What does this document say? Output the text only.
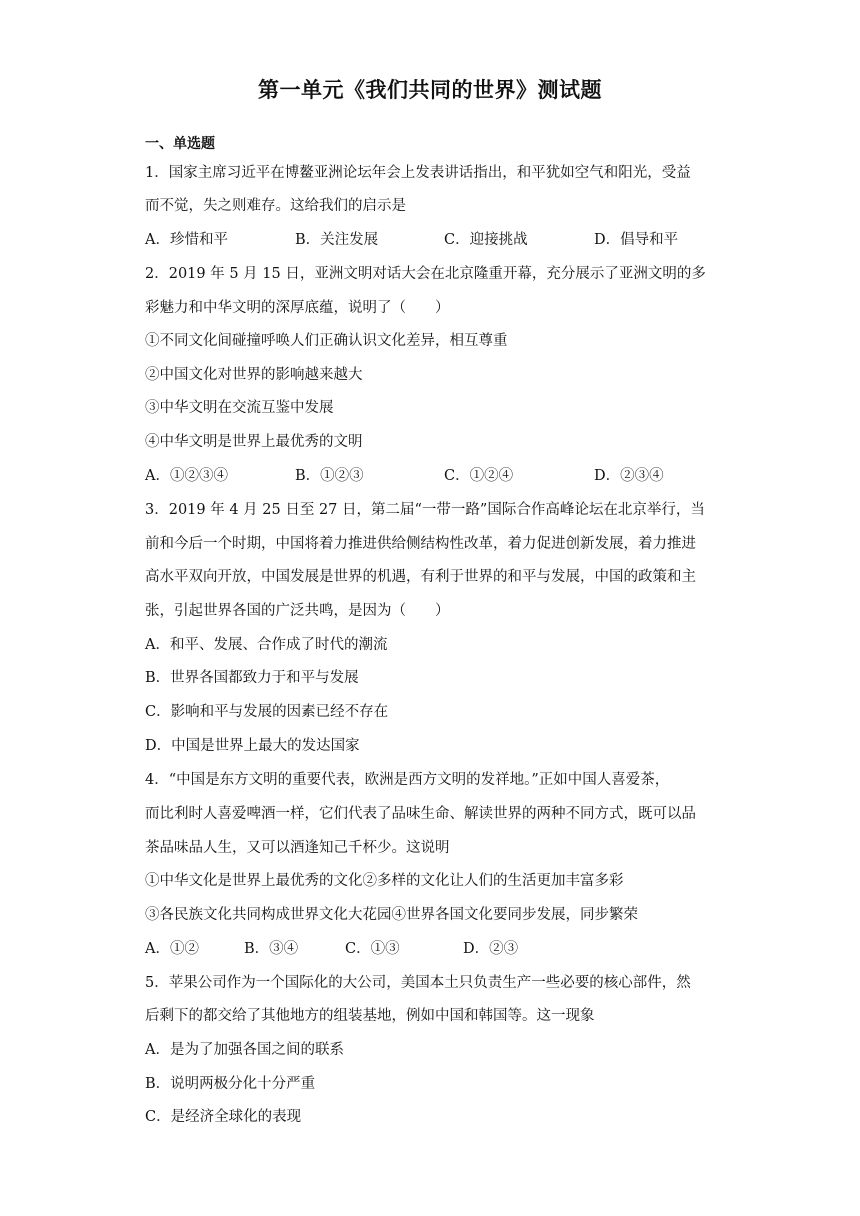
第一单元《我们共同的世界》测试题
一、单选题
1．国家主席习近平在博鳌亚洲论坛年会上发表讲话指出，和平犹如空气和阳光，受益
而不觉，失之则难存。这给我们的启示是
A．珍惜和平	B．关注发展	C．迎接挑战	D．倡导和平
2．2019 年 5 月 15 日，亚洲文明对话大会在北京隆重开幕，充分展示了亚洲文明的多
彩魅力和中华文明的深厚底蕴，说明了（　　）
①不同文化间碰撞呼唤人们正确认识文化差异，相互尊重
②中国文化对世界的影响越来越大
③中华文明在交流互鉴中发展
④中华文明是世界上最优秀的文明
A．①②③④	B．①②③	C．①②④	D．②③④
3．2019 年 4 月 25 日至 27 日，第二届“一带一路”国际合作高峰论坛在北京举行，当
前和今后一个时期，中国将着力推进供给侧结构性改革，着力促进创新发展，着力推进
高水平双向开放，中国发展是世界的机遇，有利于世界的和平与发展，中国的政策和主
张，引起世界各国的广泛共鸣，是因为（　　）
A．和平、发展、合作成了时代的潮流
B．世界各国都致力于和平与发展
C．影响和平与发展的因素已经不存在
D．中国是世界上最大的发达国家
4．“中国是东方文明的重要代表，欧洲是西方文明的发祥地。”正如中国人喜爱茶，
而比利时人喜爱啤酒一样，它们代表了品味生命、解读世界的两种不同方式，既可以品
茶品味品人生，又可以酒逢知己千杯少。这说明
①中华文化是世界上最优秀的文化②多样的文化让人们的生活更加丰富多彩
③各民族文化共同构成世界文化大花园④世界各国文化要同步发展，同步繁荣
A．①②	B．③④	C．①③	D．②③
5．苹果公司作为一个国际化的大公司，美国本土只负责生产一些必要的核心部件，然
后剩下的都交给了其他地方的组装基地，例如中国和韩国等。这一现象
A．是为了加强各国之间的联系
B．说明两极分化十分严重
C．是经济全球化的表现
